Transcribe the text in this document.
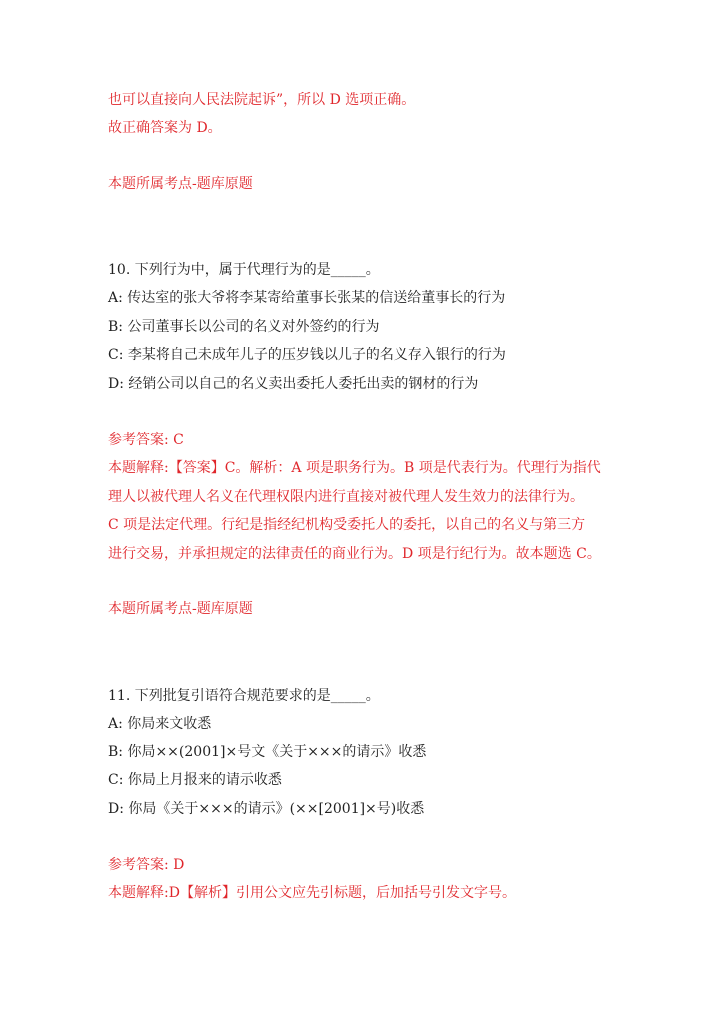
也可以直接向人民法院起诉”，所以 D 选项正确。
故正确答案为 D。
本题所属考点-题库原题
10. 下列行为中，属于代理行为的是_____。
A: 传达室的张大爷将李某寄给董事长张某的信送给董事长的行为
B: 公司董事长以公司的名义对外签约的行为
C: 李某将自己未成年儿子的压岁钱以儿子的名义存入银行的行为
D: 经销公司以自己的名义卖出委托人委托出卖的钢材的行为
参考答案: C
本题解释:【答案】C。解析：A 项是职务行为。B 项是代表行为。代理行为指代
理人以被代理人名义在代理权限内进行直接对被代理人发生效力的法律行为。
C 项是法定代理。行纪是指经纪机构受委托人的委托，以自己的名义与第三方
进行交易，并承担规定的法律责任的商业行为。D 项是行纪行为。故本题选 C。
本题所属考点-题库原题
11. 下列批复引语符合规范要求的是_____。
A: 你局来文收悉
B: 你局××(2001]×号文《关于×××的请示》收悉
C: 你局上月报来的请示收悉
D: 你局《关于×××的请示》(××[2001]×号)收悉
参考答案: D
本题解释:D【解析】引用公文应先引标题，后加括号引发文字号。
